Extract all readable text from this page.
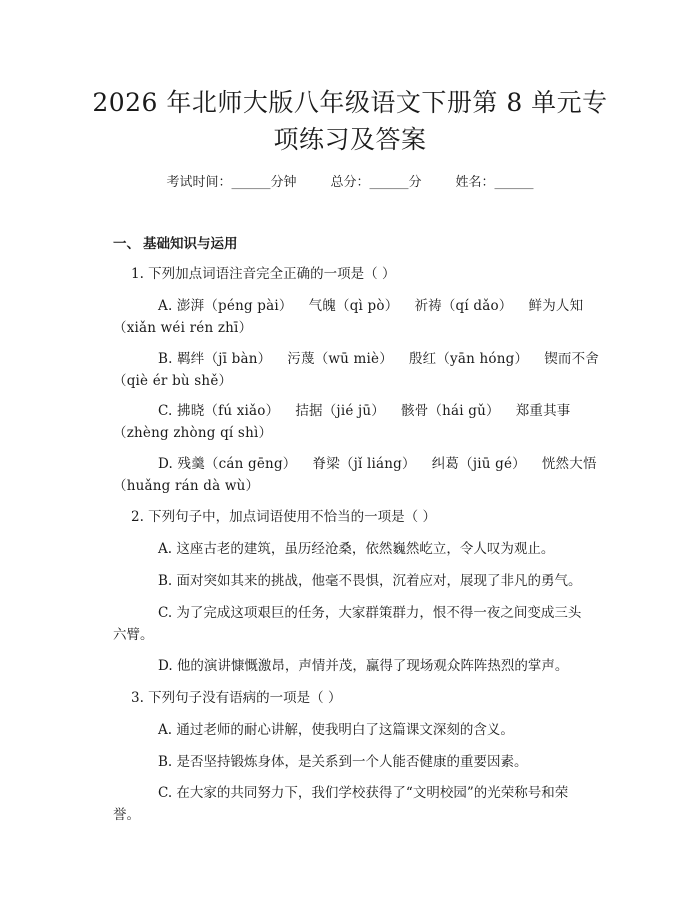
2026 年北师大版八年级语文下册第 8 单元专
项练习及答案
考试时间：______分钟	总分：______分	姓名：______
一、 基础知识与运用
1. 下列加点词语注音完全正确的一项是（ ）
A. 澎湃（péng pài） 气魄（qì pò） 祈祷（qí dǎo） 鲜为人知
（xiǎn wéi rén zhī）
B. 羁绊（jī bàn） 污蔑（wū miè） 殷红（yān hóng） 锲而不舍
（qiè ér bù shě）
C. 拂晓（fú xiǎo） 拮据（jié jū） 骸骨（hái gǔ） 郑重其事
（zhèng zhòng qí shì）
D. 残羹（cán gēng） 脊梁（jǐ liáng） 纠葛（jiū gé） 恍然大悟
（huǎng rán dà wù）
2. 下列句子中，加点词语使用不恰当的一项是（ ）
A. 这座古老的建筑，虽历经沧桑，依然巍然屹立，令人叹为观止。
B. 面对突如其来的挑战，他毫不畏惧，沉着应对，展现了非凡的勇气。
C. 为了完成这项艰巨的任务，大家群策群力，恨不得一夜之间变成三头
六臂。
D. 他的演讲慷慨激昂，声情并茂，赢得了现场观众阵阵热烈的掌声。
3. 下列句子没有语病的一项是（ ）
A. 通过老师的耐心讲解，使我明白了这篇课文深刻的含义。
B. 是否坚持锻炼身体，是关系到一个人能否健康的重要因素。
C. 在大家的共同努力下，我们学校获得了“文明校园”的光荣称号和荣
誉。
